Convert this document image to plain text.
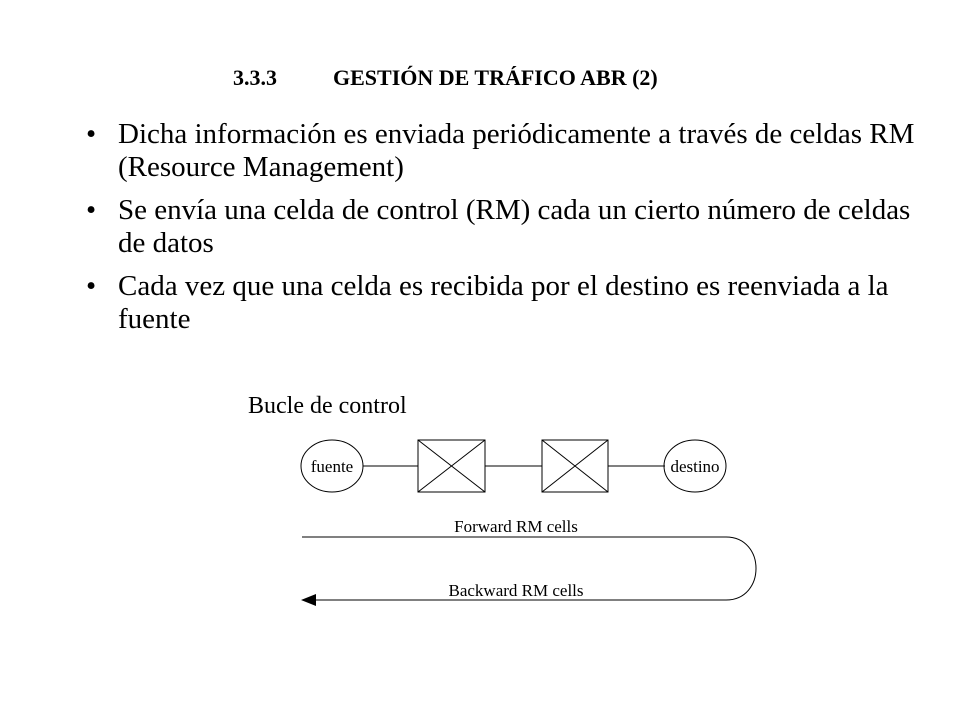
3.3.3	GESTIÓN DE TRÁFICO ABR (2)
• Dicha información es enviada periódicamente a través de celdas RM (Resource Management)
• Se envía una celda de control (RM) cada un cierto número de celdas de datos
• Cada vez que una celda es recibida por el destino es reenviada a la fuente
Bucle de control
fuente	destino
Forward RM cells
Backward RM cells
